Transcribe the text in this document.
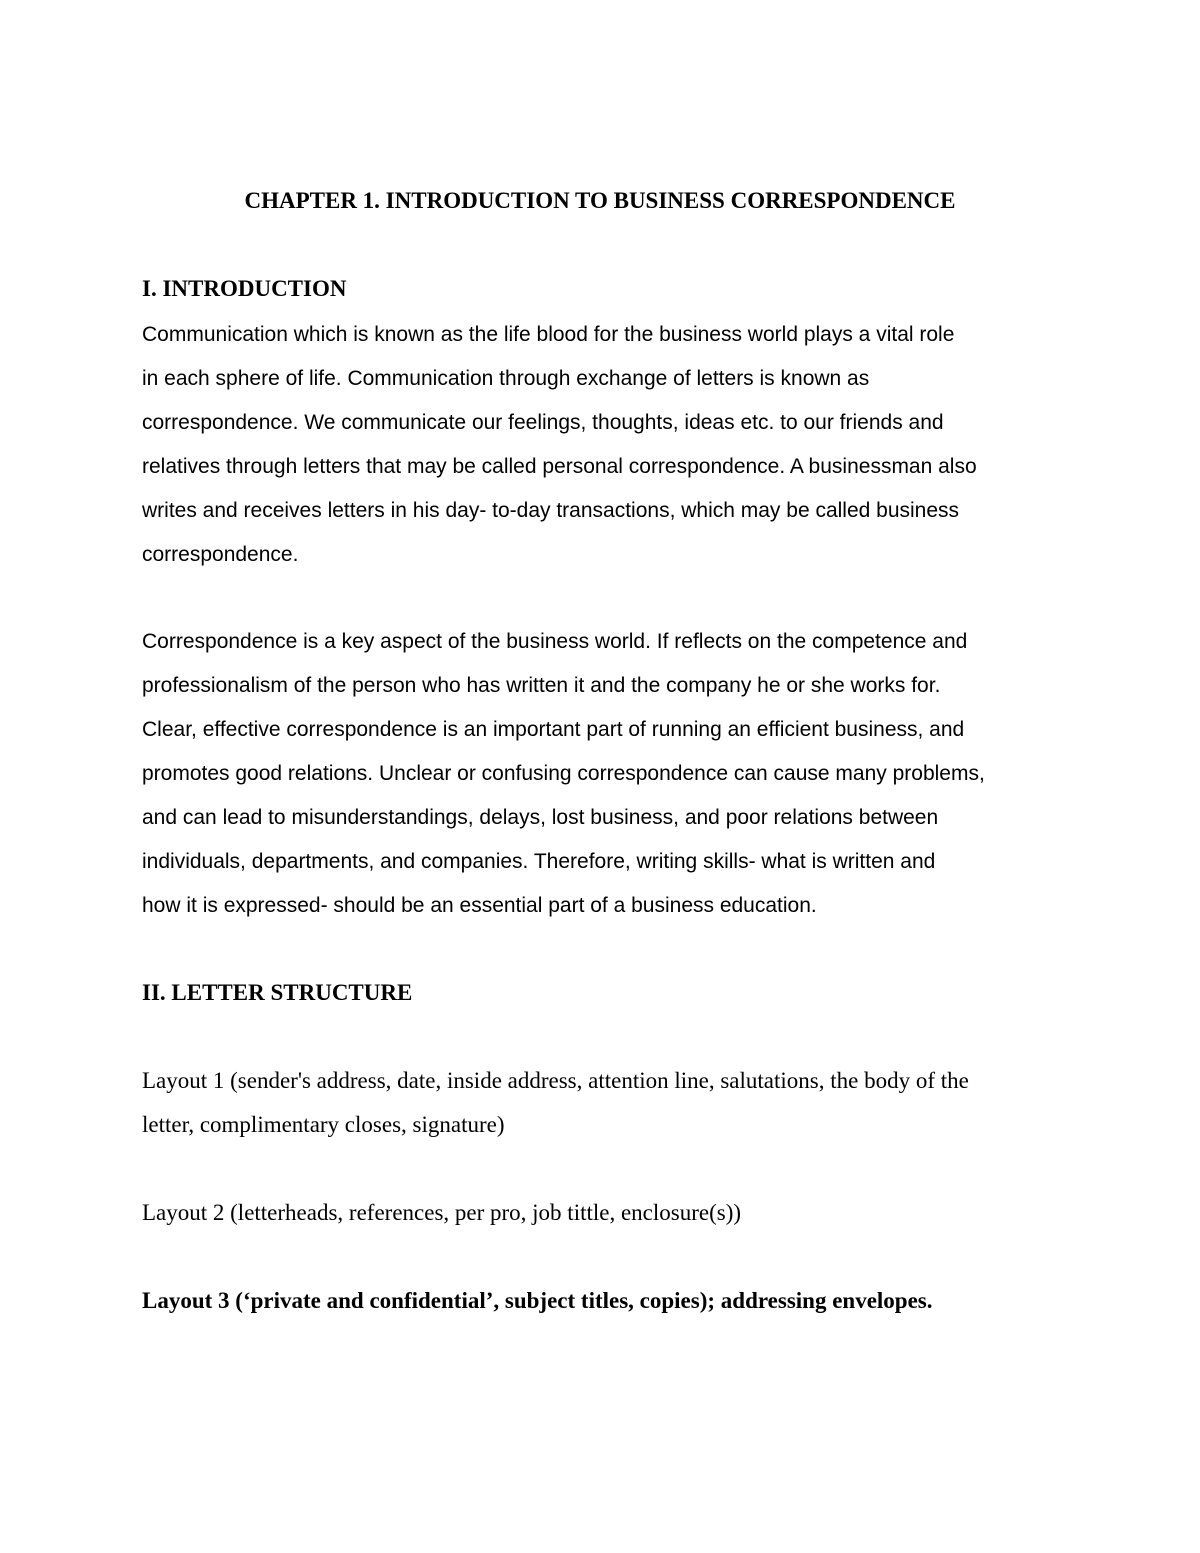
CHAPTER 1. INTRODUCTION TO BUSINESS CORRESPONDENCE
I. INTRODUCTION
Communication which is known as the life blood for the business world plays a vital role
in each sphere of life. Communication through exchange of letters is known as
correspondence. We communicate our feelings, thoughts, ideas etc. to our friends and
relatives through letters that may be called personal correspondence. A businessman also
writes and receives letters in his day- to-day transactions, which may be called business
correspondence.
Correspondence is a key aspect of the business world. If reflects on the competence and
professionalism of the person who has written it and the company he or she works for.
Clear, effective correspondence is an important part of running an efficient business, and
promotes good relations. Unclear or confusing correspondence can cause many problems,
and can lead to misunderstandings, delays, lost business, and poor relations between
individuals, departments, and companies. Therefore, writing skills- what is written and
how it is expressed- should be an essential part of a business education.
II. LETTER STRUCTURE
Layout 1 (sender's address, date, inside address, attention line, salutations, the body of the
letter, complimentary closes, signature)
Layout 2 (letterheads, references, per pro, job tittle, enclosure(s))
Layout 3 (‘private and confidential’, subject titles, copies); addressing envelopes.
